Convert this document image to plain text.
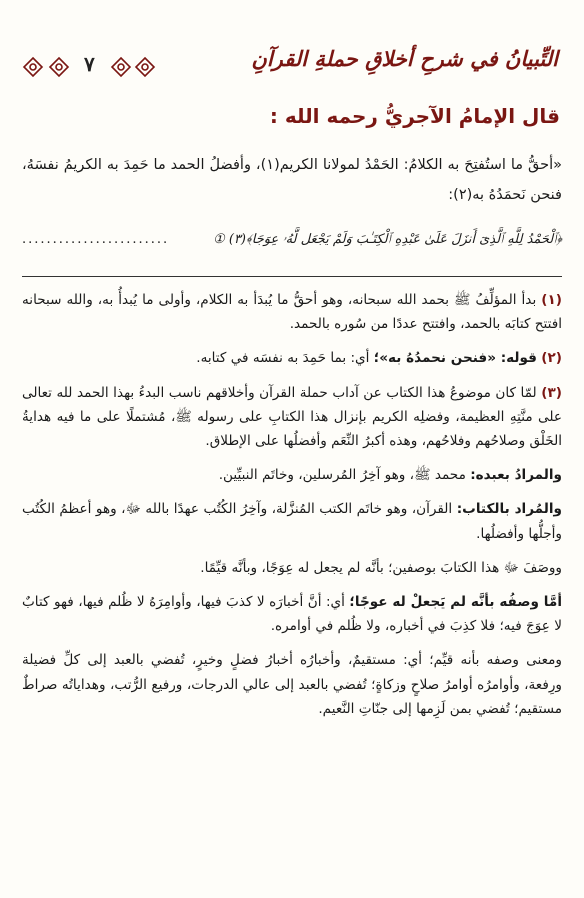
٧	التِّبيانُ في شرحِ أخلاقِ حملةِ القرآنِ
قال الإمامُ الآجريُّ رحمه الله :

«أحقُّ ما استُفتِحَ به الكلامُ: الحَمْدُ لمولانا الكريم(١)، وأفضلُ الحمد ما حَمِدَ به الكريمُ نفسَهُ، فنحن نَحمَدُهُ به(٢):

﴿ٱلْحَمْدُ لِلَّهِ ٱلَّذِىٓ أَنزَلَ عَلَىٰ عَبْدِهِ ٱلْكِتَـٰبَ وَلَمْ يَجْعَل لَّهُۥ عِوَجَا﴾(٣) ①
........................

(١) بدأ المؤلِّفُ ﷺ بحمد الله سبحانه، وهو أحقُّ ما يُبدَأ به الكلام، وأولى ما يُبدأُ به، والله سبحانه افتتح كتابَه بالحمد، وافتتح عددًا من سُوره بالحمد.

(٢) قوله: «فنحن نحمدُهُ به»؛ أي: بما حَمِدَ به نفسَه في كتابه.

(٣) لمّا كان موضوعُ هذا الكتاب عن آداب حملة القرآن وأخلاقهم ناسب البدءُ بهذا الحمد لله تعالى على منَّتِهِ العظيمة، وفضلِه الكريم بإنزال هذا الكتابِ على رسوله ﷺ، مُشتملًا على ما فيه هدايةُ الخَلْق وصلاحُهم وفلاحُهم، وهذه أكبرُ النِّعَم وأفضلُها على الإطلاق.

والمرادُ بعبده: محمد ﷺ، وهو آخِرُ المُرسلين، وخاتَم النبيِّين.

والمُراد بالكتاب: القرآن، وهو خاتَم الكتب المُنزَّلة، وآخِرُ الكُتُب عهدًا بالله ﷻ، وهو أعظمُ الكُتُب وأجلُّها وأفضلُها.

ووصَفَ ﷻ هذا الكتابَ بوصفين؛ بأنَّه لم يجعل له عِوَجًا، وبأنَّه قيِّمًا.

أمَّا وصفُه بأنَّه لم يَجعلْ له عوجًا؛ أي: أنَّ أخبارَه لا كذبَ فيها، وأوامِرَهُ لا ظُلم فيها، فهو كتابٌ لا عِوَجَ فيه؛ فلا كذِبَ في أخباره، ولا ظُلم في أوامره.

ومعنى وصفه بأنه قيِّم؛ أي: مستقيمٌ، وأخبارُه أخبارُ فضلٍ وخيرٍ، تُفضي بالعبد إلى كلِّ فضيلة ورِفعة، وأوامرُه أوامرُ صلاحٍ وزكاةٍ؛ تُفضي بالعبد إلى عالي الدرجات، ورفيع الرُّتب، وهداياتُه صراطٌ مستقيم؛ تُفضي بمن لَزِمها إلى جنّاتِ النَّعيم.
